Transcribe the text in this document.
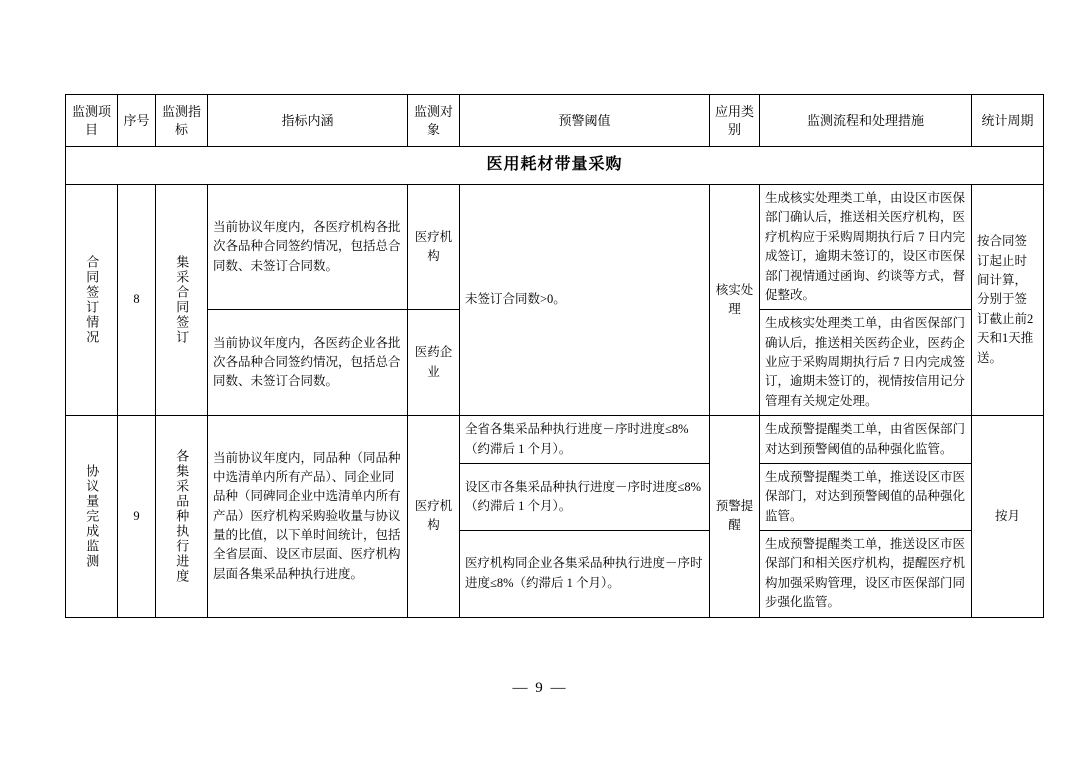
监测项目	序号	监测指标	指标内涵	监测对象	预警阈值	应用类别	监测流程和处理措施	统计周期
医用耗材带量采购								

合同签订情况	8	集采合同签订	当前协议年度内，各医疗机构各批次各品种合同签约情况，包括总合同数、未签订合同数。	医疗机构	未签订合同数>0。	核实处理	生成核实处理类工单，由设区市医保部门确认后，推送相关医疗机构，医疗机构应于采购周期执行后 7 日内完成签订，逾期未签订的，设区市医保部门视情通过函询、约谈等方式，督促整改。	按合同签订起止时间计算，分别于签订截止前2天和1天推送。
			当前协议年度内，各医药企业各批次各品种合同签约情况，包括总合同数、未签订合同数。	医药企业			生成核实处理类工单，由省医保部门确认后，推送相关医药企业，医药企业应于采购周期执行后 7 日内完成签订，逾期未签订的，视情按信用记分管理有关规定处理。	

协议量完成监测	9	各集采品种执行进度	当前协议年度内，同品种（同品种中选清单内所有产品）、同企业同品种（同碑同企业中选清单内所有产品）医疗机构采购验收量与协议量的比值，以下单时间统计，包括全省层面、设区市层面、医疗机构层面各集采品种执行进度。	医疗机构	全省各集采品种执行进度－序时进度≤8%（约滞后 1 个月）。	预警提醒	生成预警提醒类工单，由省医保部门对达到预警阈值的品种强化监管。	按月
					设区市各集采品种执行进度－序时进度≤8%（约滞后 1 个月）。		生成预警提醒类工单，推送设区市医保部门，对达到预警阈值的品种强化监管。	
					医疗机构同企业各集采品种执行进度－序时进度≤8%（约滞后 1 个月）。		生成预警提醒类工单，推送设区市医保部门和相关医疗机构，提醒医疗机构加强采购管理，设区市医保部门同步强化监管。	
— 9 —
